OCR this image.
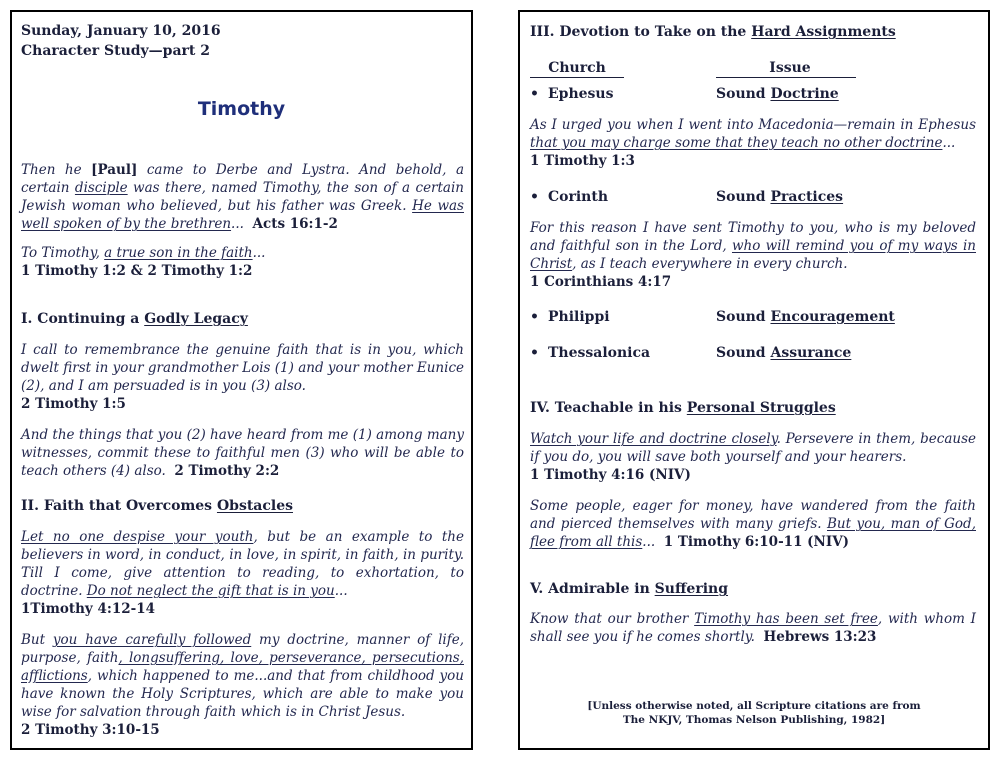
Sunday, January 10, 2016
Character Study—part 2
Timothy

Then he [Paul] came to Derbe and Lystra. And behold, a certain disciple was there, named Timothy, the son of a certain Jewish woman who believed, but his father was Greek. He was well spoken of by the brethren... Acts 16:1-2

To Timothy, a true son in the faith...
1 Timothy 1:2 & 2 Timothy 1:2

I. Continuing a Godly Legacy

I call to remembrance the genuine faith that is in you, which dwelt first in your grandmother Lois (1) and your mother Eunice (2), and I am persuaded is in you (3) also.
2 Timothy 1:5

And the things that you (2) have heard from me (1) among many witnesses, commit these to faithful men (3) who will be able to teach others (4) also. 2 Timothy 2:2

II. Faith that Overcomes Obstacles

Let no one despise your youth, but be an example to the believers in word, in conduct, in love, in spirit, in faith, in purity. Till I come, give attention to reading, to exhortation, to doctrine. Do not neglect the gift that is in you...
1Timothy 4:12-14

But you have carefully followed my doctrine, manner of life, purpose, faith, longsuffering, love, perseverance, persecutions, afflictions, which happened to me...and that from childhood you have known the Holy Scriptures, which are able to make you wise for salvation through faith which is in Christ Jesus.
2 Timothy 3:10-15

III. Devotion to Take on the Hard Assignments
Church	Issue
• Ephesus	Sound Doctrine

As I urged you when I went into Macedonia—remain in Ephesus that you may charge some that they teach no other doctrine...
1 Timothy 1:3

• Corinth	Sound Practices

For this reason I have sent Timothy to you, who is my beloved and faithful son in the Lord, who will remind you of my ways in Christ, as I teach everywhere in every church.
1 Corinthians 4:17

• Philippi	Sound Encouragement
• Thessalonica	Sound Assurance
IV. Teachable in his Personal Struggles

Watch your life and doctrine closely. Persevere in them, because if you do, you will save both yourself and your hearers.
1 Timothy 4:16 (NIV)

Some people, eager for money, have wandered from the faith and pierced themselves with many griefs. But you, man of God, flee from all this... 1 Timothy 6:10-11 (NIV)

V. Admirable in Suffering

Know that our brother Timothy has been set free, with whom I shall see you if he comes shortly. Hebrews 13:23

[Unless otherwise noted, all Scripture citations are from
The NKJV, Thomas Nelson Publishing, 1982]
